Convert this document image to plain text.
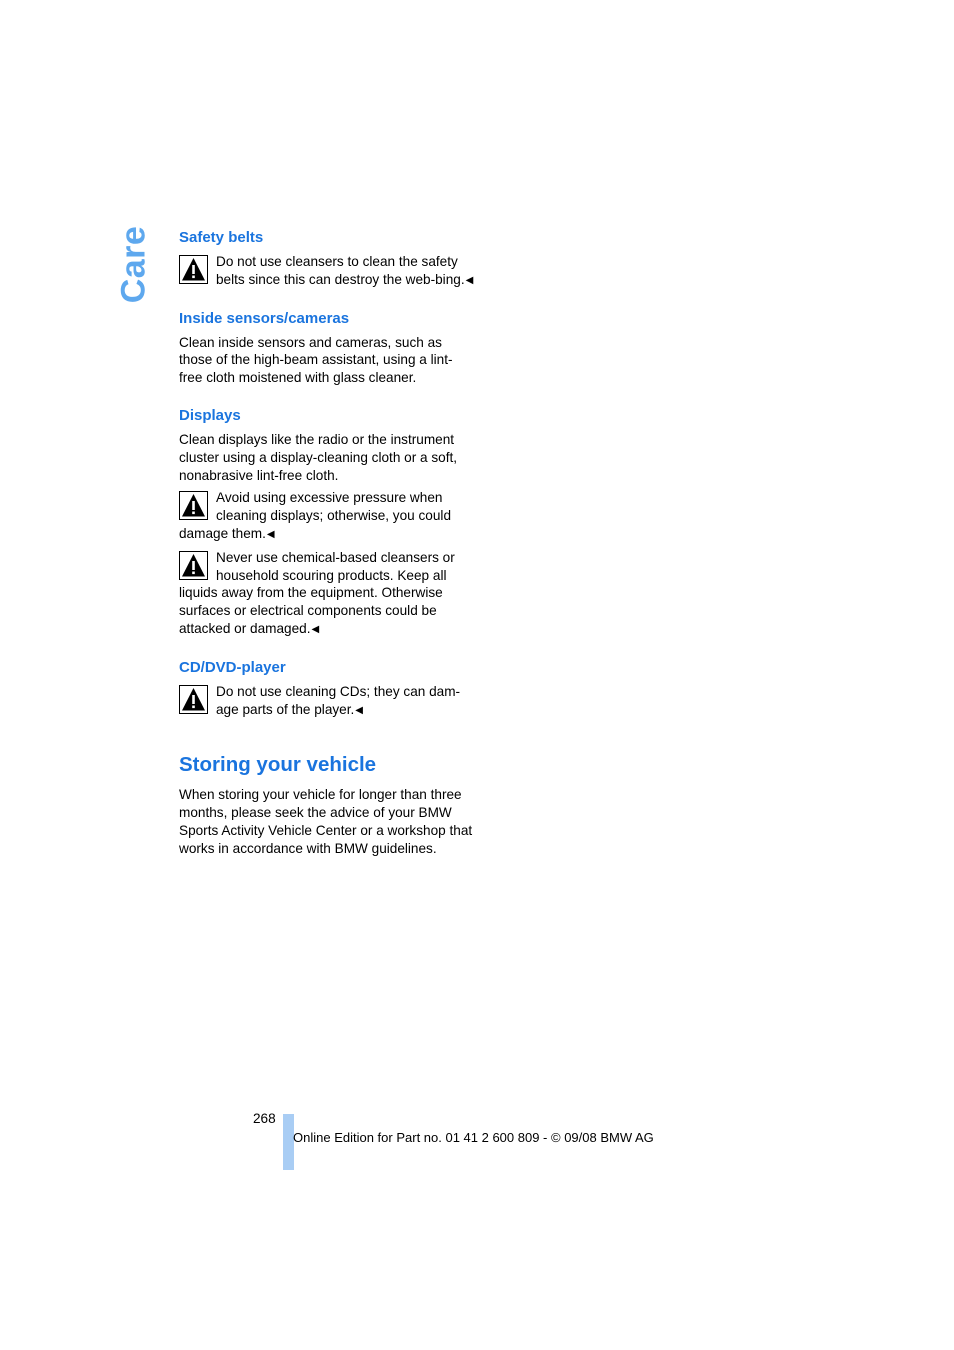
Care Safety belts
Do not use cleansers to clean the safety belts since this can destroy the web-bing.◀
Inside sensors/cameras

Clean inside sensors and cameras, such as those of the high-beam assistant, using a lint-free cloth moistened with glass cleaner.

Displays

Clean displays like the radio or the instrument cluster using a display-cleaning cloth or a soft, nonabrasive lint-free cloth.

Avoid using excessive pressure when cleaning displays; otherwise, you could damage them.◀
Never use chemical-based cleansers or household scouring products. Keep all liquids away from the equipment. Otherwise surfaces or electrical components could be attacked or damaged.◀
CD/DVD-player
Do not use cleaning CDs; they can dam-age parts of the player.◀
Storing your vehicle

When storing your vehicle for longer than three months, please seek the advice of your BMW Sports Activity Vehicle Center or a workshop that works in accordance with BMW guidelines.

268
Online Edition for Part no. 01 41 2 600 809 - © 09/08 BMW AG
